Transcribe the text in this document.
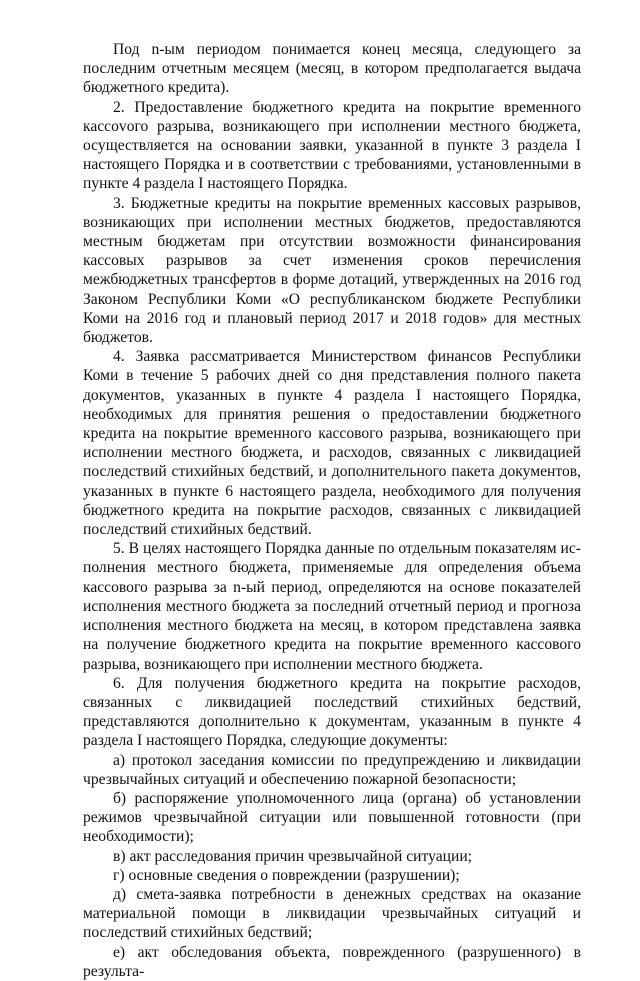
Под n-ым периодом понимается конец месяца, следующего за последним отчетным месяцем (месяц, в котором предполагается выдача бюджетного кредита).

2. Предоставление бюджетного кредита на покрытие временного кассоvого разрыва, возникающего при исполнении местного бюджета, осуществляется на основании заявки, указанной в пункте 3 раздела I настоящего Порядка и в соответствии с требованиями, установленными в пункте 4 раздела I настоящего Порядка.

3. Бюджетные кредиты на покрытие временных кассовых разрывов, возникающих при исполнении местных бюджетов, предоставляются местным бюджетам при отсутствии возможности финансирования кассовых разрывов за счет изменения сроков перечисления межбюджетных трансфертов в форме дотаций, утвержденных на 2016 год Законом Республики Коми «О республиканском бюджете Республики Коми на 2016 год и плановый период 2017 и 2018 годов» для местных бюджетов.

4. Заявка рассматривается Министерством финансов Республики Коми в течение 5 рабочих дней со дня представления полного пакета документов, указанных в пункте 4 раздела I настоящего Порядка, необходимых для принятия решения о предоставлении бюджетного кредита на покрытие временного кассового разрыва, возникающего при исполнении местного бюджета, и расходов, связанных с ликвидацией последствий стихийных бедствий, и дополнительного пакета документов, указанных в пункте 6 настоящего раздела, необходимого для получения бюджетного кредита на покрытие расходов, связанных с ликвидацией последствий стихийных бедствий.

5. В целях настоящего Порядка данные по отдельным показателям исполнения местного бюджета, применяемые для определения объема кассового разрыва за n-ый период, определяются на основе показателей исполнения местного бюджета за последний отчетный период и прогноза исполнения местного бюджета на месяц, в котором представлена заявка на получение бюджетного кредита на покрытие временного кассового разрыва, возникающего при исполнении местного бюджета.

6. Для получения бюджетного кредита на покрытие расходов, связанных с ликвидацией последствий стихийных бедствий, представляются дополнительно к документам, указанным в пункте 4 раздела I настоящего Порядка, следующие документы:

а) протокол заседания комиссии по предупреждению и ликвидации чрезвычайных ситуаций и обеспечению пожарной безопасности;

б) распоряжение уполномоченного лица (органа) об установлении режимов чрезвычайной ситуации или повышенной готовности (при необходимости);

в) акт расследования причин чрезвычайной ситуации;

г) основные сведения о повреждении (разрушении);

д) смета-заявка потребности в денежных средствах на оказание материальной помощи в ликвидации чрезвычайных ситуаций и последствий стихийных бедствий;

е) акт обследования объекта, поврежденного (разрушенного) в результа-
